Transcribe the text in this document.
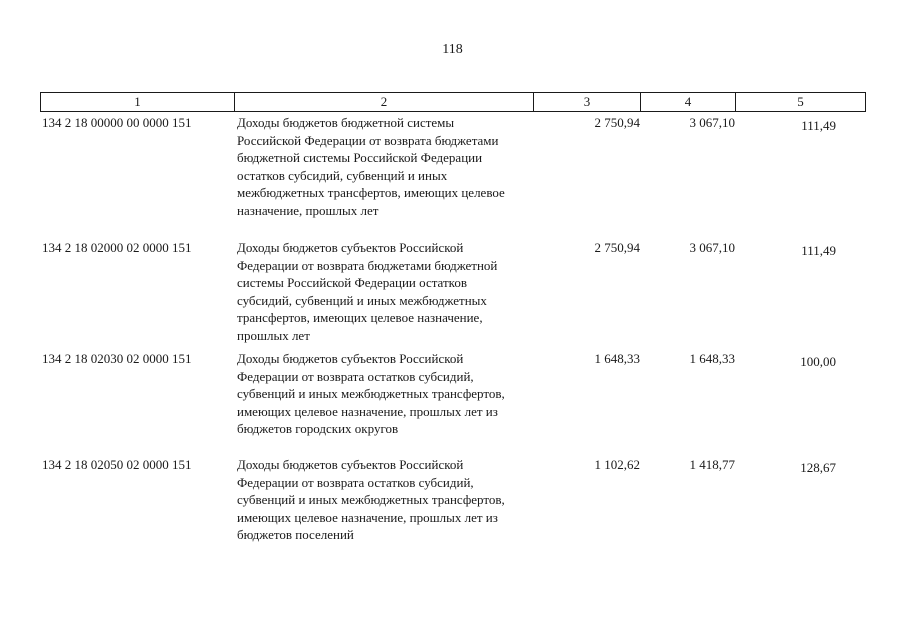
118
1	2	3	4	5
134 2 18 00000 00 0000 151	Доходы бюджетов бюджетной системы
Российской Федерации от возврата бюджетами
бюджетной системы Российской Федерации
остатков субсидий, субвенций и иных
межбюджетных трансфертов, имеющих целевое
назначение, прошлых лет
2 750,94	3 067,10	111,49
134 2 18 02000 02 0000 151	Доходы бюджетов субъектов Российской
Федерации от возврата бюджетами бюджетной
системы Российской Федерации остатков
субсидий, субвенций и иных межбюджетных
трансфертов, имеющих целевое назначение,
прошлых лет
2 750,94	3 067,10	111,49
134 2 18 02030 02 0000 151	Доходы бюджетов субъектов Российской
Федерации от возврата остатков субсидий,
субвенций и иных межбюджетных трансфертов,
имеющих целевое назначение, прошлых лет из
бюджетов городских округов
1 648,33	1 648,33	100,00
134 2 18 02050 02 0000 151	Доходы бюджетов субъектов Российской
Федерации от возврата остатков субсидий,
субвенций и иных межбюджетных трансфертов,
имеющих целевое назначение, прошлых лет из
бюджетов поселений
1 102,62	1 418,77	128,67
